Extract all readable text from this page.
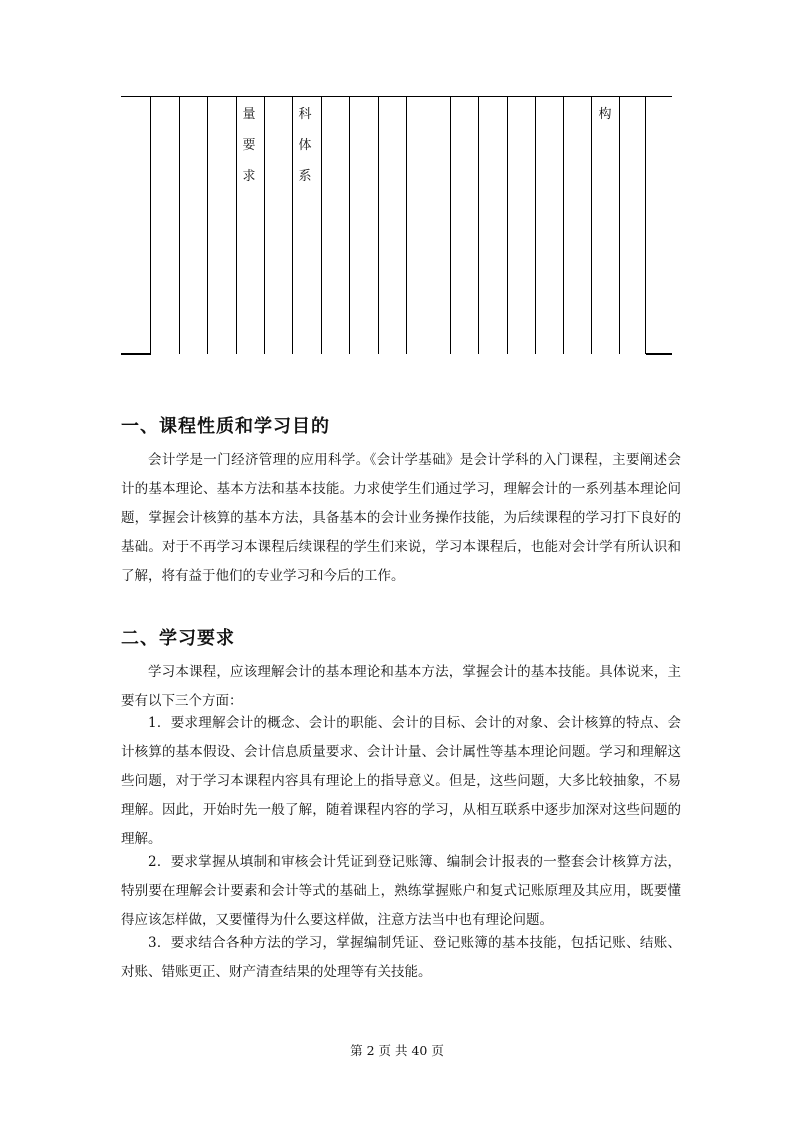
量
要
求
科
体
系
构
一、课程性质和学习目的

会计学是一门经济管理的应用科学。《会计学基础》是会计学科的入门课程，主要阐述会计的基本理论、基本方法和基本技能。力求使学生们通过学习，理解会计的一系列基本理论问题，掌握会计核算的基本方法，具备基本的会计业务操作技能，为后续课程的学习打下良好的基础。对于不再学习本课程后续课程的学生们来说，学习本课程后，也能对会计学有所认识和了解，将有益于他们的专业学习和今后的工作。

二、学习要求

学习本课程，应该理解会计的基本理论和基本方法，掌握会计的基本技能。具体说来，主要有以下三个方面：

1．要求理解会计的概念、会计的职能、会计的目标、会计的对象、会计核算的特点、会计核算的基本假设、会计信息质量要求、会计计量、会计属性等基本理论问题。学习和理解这些问题，对于学习本课程内容具有理论上的指导意义。但是，这些问题，大多比较抽象，不易理解。因此，开始时先一般了解，随着课程内容的学习，从相互联系中逐步加深对这些问题的理解。

2．要求掌握从填制和审核会计凭证到登记账簿、编制会计报表的一整套会计核算方法，特别要在理解会计要素和会计等式的基础上，熟练掌握账户和复式记账原理及其应用，既要懂得应该怎样做，又要懂得为什么要这样做，注意方法当中也有理论问题。

3．要求结合各种方法的学习，掌握编制凭证、登记账簿的基本技能，包括记账、结账、对账、错账更正、财产清查结果的处理等有关技能。

第 2 页 共 40 页
